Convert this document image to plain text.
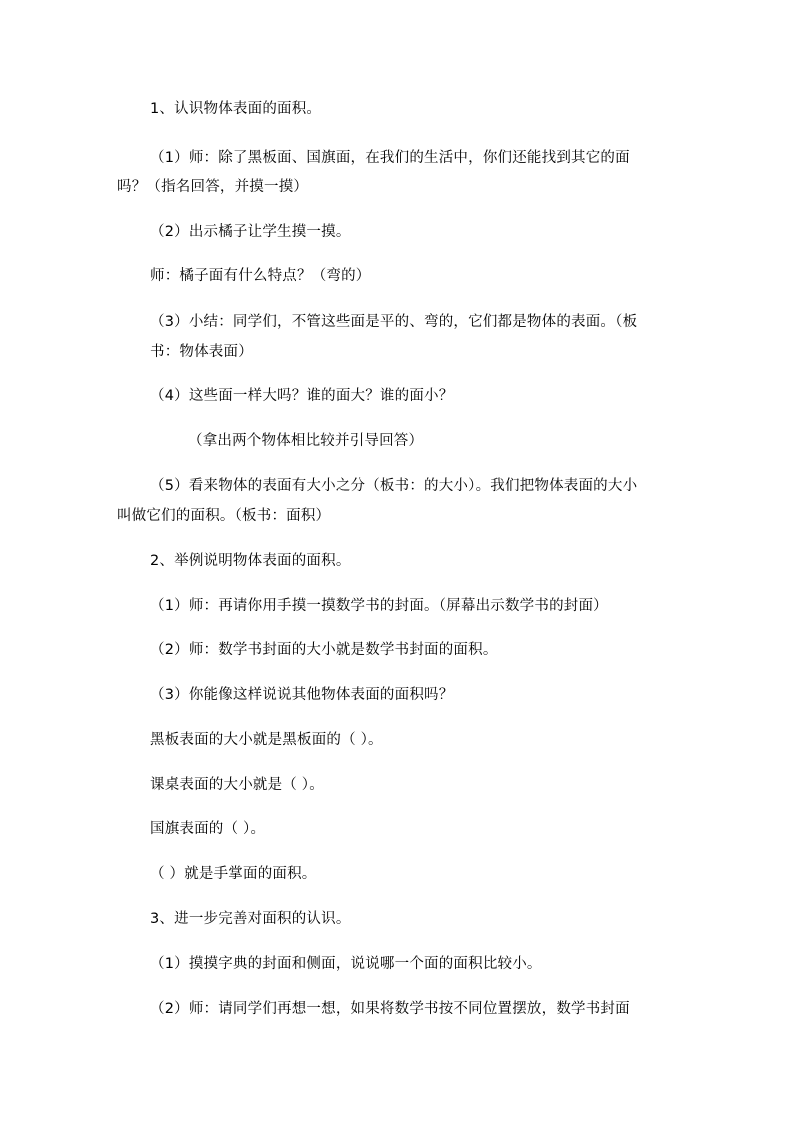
1、认识物体表面的面积。
（1）师：除了黑板面、国旗面，在我们的生活中，你们还能找到其它的面
吗？（指名回答，并摸一摸）
（2）出示橘子让学生摸一摸。
师：橘子面有什么特点？（弯的）
（3）小结：同学们，不管这些面是平的、弯的，它们都是物体的表面。（板
书：物体表面）
（4）这些面一样大吗？谁的面大？谁的面小？
（拿出两个物体相比较并引导回答）
（5）看来物体的表面有大小之分（板书：的大小）。我们把物体表面的大小
叫做它们的面积。（板书：面积）
2、举例说明物体表面的面积。
（1）师：再请你用手摸一摸数学书的封面。（屏幕出示数学书的封面）
（2）师：数学书封面的大小就是数学书封面的面积。
（3）你能像这样说说其他物体表面的面积吗？
黑板表面的大小就是黑板面的（ ）。
课桌表面的大小就是（ ）。
国旗表面的（ ）。
（ ）就是手掌面的面积。
3、进一步完善对面积的认识。
（1）摸摸字典的封面和侧面，说说哪一个面的面积比较小。
（2）师：请同学们再想一想，如果将数学书按不同位置摆放，数学书封面
